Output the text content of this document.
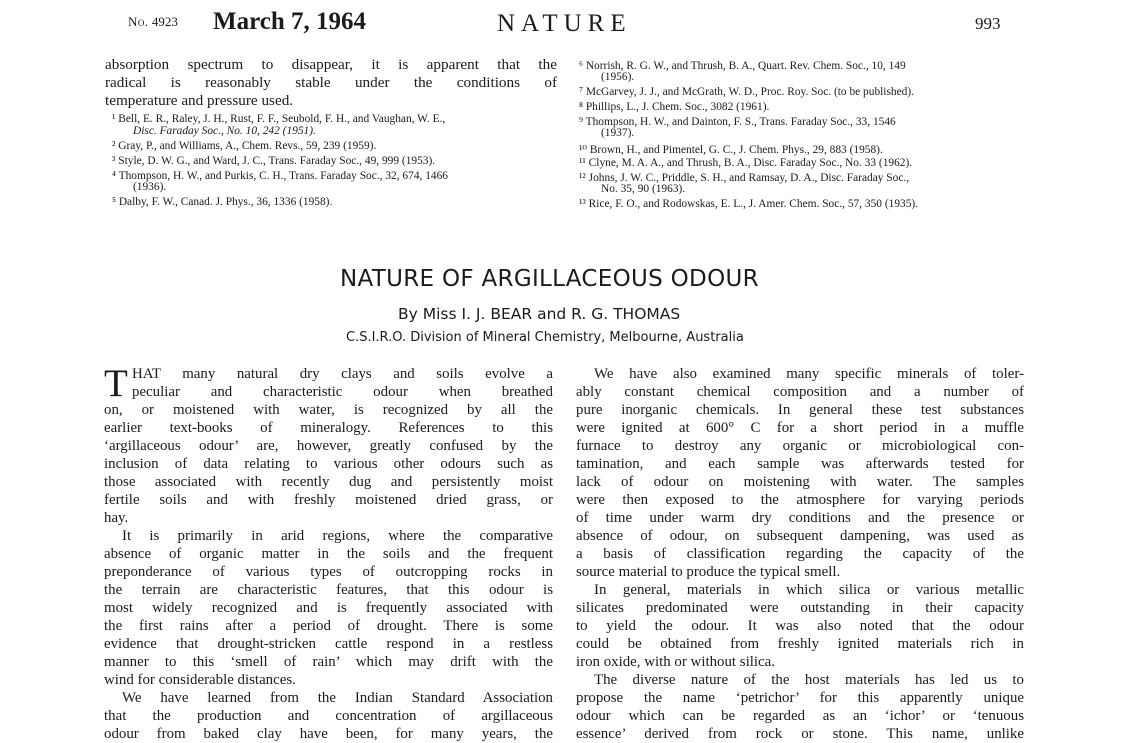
No. 4923 March 7, 1964	NATURE	993
absorption spectrum to disappear, it is apparent that the
radical is reasonably stable under the conditions of
temperature and pressure used.
¹ Bell, E. R., Raley, J. H., Rust, F. F., Seubold, F. H., and Vaughan, W. E.,
Disc. Faraday Soc., No. 10, 242 (1951).
² Gray, P., and Williams, A., Chem. Revs., 59, 239 (1959).
³ Style, D. W. G., and Ward, J. C., Trans. Faraday Soc., 49, 999 (1953).
⁴ Thompson, H. W., and Purkis, C. H., Trans. Faraday Soc., 32, 674, 1466
(1936).
⁵ Dalby, F. W., Canad. J. Phys., 36, 1336 (1958).
⁶ Norrish, R. G. W., and Thrush, B. A., Quart. Rev. Chem. Soc., 10, 149
(1956).
⁷ McGarvey, J. J., and McGrath, W. D., Proc. Roy. Soc. (to be published).
⁸ Phillips, L., J. Chem. Soc., 3082 (1961).
⁹ Thompson, H. W., and Dainton, F. S., Trans. Faraday Soc., 33, 1546
(1937).
¹⁰ Brown, H., and Pimentel, G. C., J. Chem. Phys., 29, 883 (1958).
¹¹ Clyne, M. A. A., and Thrush, B. A., Disc. Faraday Soc., No. 33 (1962).
¹² Johns, J. W. C., Priddle, S. H., and Ramsay, D. A., Disc. Faraday Soc.,
No. 35, 90 (1963).
¹³ Rice, F. O., and Rodowskas, E. L., J. Amer. Chem. Soc., 57, 350 (1935).
NATURE OF ARGILLACEOUS ODOUR
By Miss I. J. BEAR and R. G. THOMAS
C.S.I.R.O. Division of Mineral Chemistry, Melbourne, Australia
T HAT many natural dry clays and soils evolve a
peculiar and characteristic odour when breathed
on, or moistened with water, is recognized by all the
earlier text-books of mineralogy. References to this
‘argillaceous odour’ are, however, greatly confused by the
inclusion of data relating to various other odours such as
those associated with recently dug and persistently moist
fertile soils and with freshly moistened dried grass, or
hay.
It is primarily in arid regions, where the comparative
absence of organic matter in the soils and the frequent
preponderance of various types of outcropping rocks in
the terrain are characteristic features, that this odour is
most widely recognized and is frequently associated with
the first rains after a period of drought. There is some
evidence that drought-stricken cattle respond in a restless
manner to this ‘smell of rain’ which may drift with the
wind for considerable distances.
We have learned from the Indian Standard Association
that the production and concentration of argillaceous
odour from baked clay have been, for many years, the
We have also examined many specific minerals of toler-
ably constant chemical composition and a number of
pure inorganic chemicals. In general these test substances
were ignited at 600° C for a short period in a muffle
furnace to destroy any organic or microbiological con-
tamination, and each sample was afterwards tested for
lack of odour on moistening with water. The samples
were then exposed to the atmosphere for varying periods
of time under warm dry conditions and the presence or
absence of odour, on subsequent dampening, was used as
a basis of classification regarding the capacity of the
source material to produce the typical smell.
In general, materials in which silica or various metallic
silicates predominated were outstanding in their capacity
to yield the odour. It was also noted that the odour
could be obtained from freshly ignited materials rich in
iron oxide, with or without silica.
The diverse nature of the host materials has led us to
propose the name ‘petrichor’ for this apparently unique
odour which can be regarded as an ‘ichor’ or ‘tenuous
essence’ derived from rock or stone. This name, unlike
